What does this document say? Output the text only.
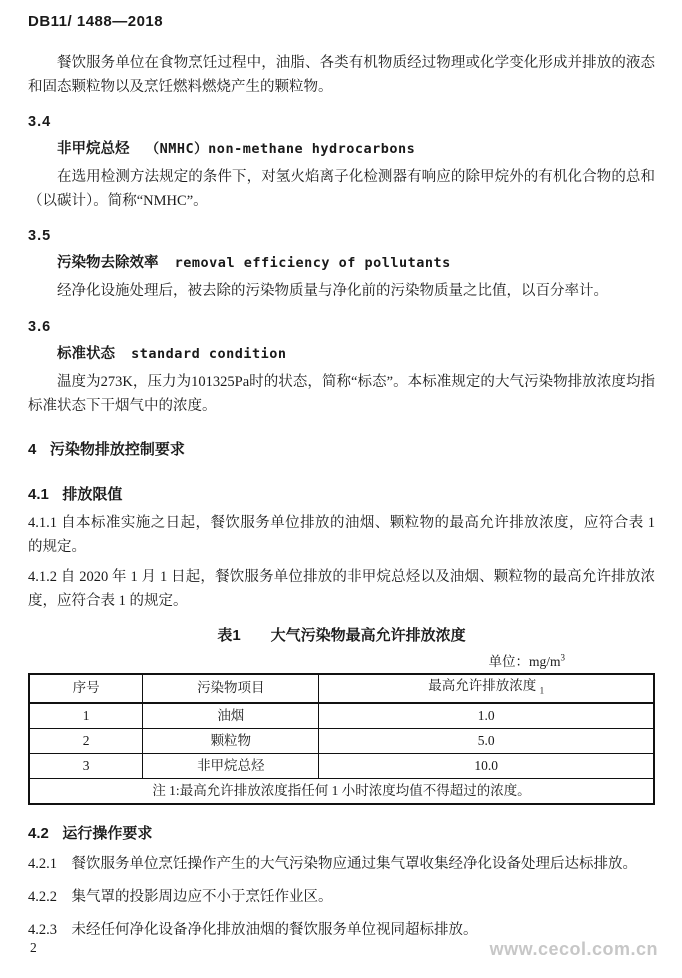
DB11/ 1488—2018

餐饮服务单位在食物烹饪过程中，油脂、各类有机物质经过物理或化学变化形成并排放的液态和固态颗粒物以及烹饪燃料燃烧产生的颗粒物。

3.4
非甲烷总烃 （NMHC）non-methane hydrocarbons

在选用检测方法规定的条件下，对氢火焰离子化检测器有响应的除甲烷外的有机化合物的总和（以碳计）。简称“NMHC”。

3.5
污染物去除效率 removal efficiency of pollutants

经净化设施处理后，被去除的污染物质量与净化前的污染物质量之比值，以百分率计。

3.6
标准状态 standard condition

温度为273K，压力为101325Pa时的状态，简称“标态”。本标准规定的大气污染物排放浓度均指标准状态下干烟气中的浓度。

4 污染物排放控制要求
4.1 排放限值

4.1.1 自本标准实施之日起，餐饮服务单位排放的油烟、颗粒物的最高允许排放浓度，应符合表 1 的规定。

4.1.2 自 2020 年 1 月 1 日起，餐饮服务单位排放的非甲烷总烃以及油烟、颗粒物的最高允许排放浓度，应符合表 1 的规定。

表1 大气污染物最高允许排放浓度
单位：$mg/m^3$
序号	污染物项目	最高允许排放浓度 $_1$
1	油烟	1.0
2	颗粒物	5.0
3	非甲烷总烃	10.0
注 1:最高允许排放浓度指任何 1 小时浓度均值不得超过的浓度。		
4.2 运行操作要求

4.2.1　餐饮服务单位烹饪操作产生的大气污染物应通过集气罩收集经净化设备处理后达标排放。

4.2.2　集气罩的投影周边应不小于烹饪作业区。

4.2.3　未经任何净化设备净化排放油烟的餐饮服务单位视同超标排放。

2	www.cecol.com.cn
